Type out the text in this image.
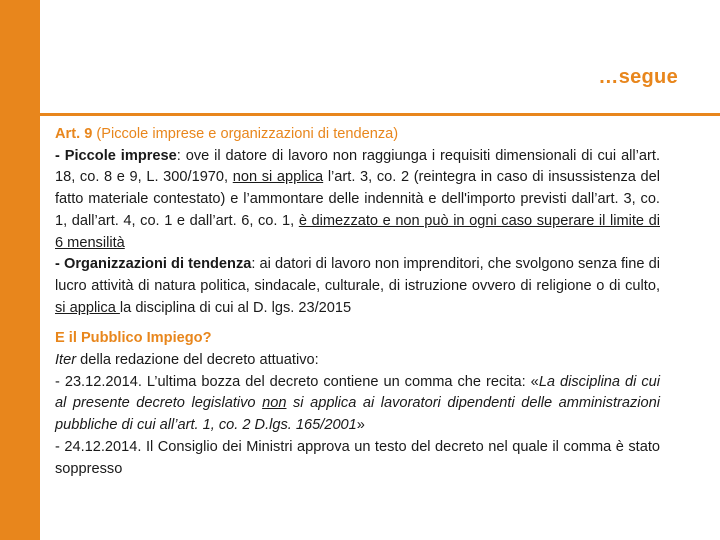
…segue

Art. 9 (Piccole imprese e organizzazioni di tendenza)

- Piccole imprese: ove il datore di lavoro non raggiunga i requisiti dimensionali di cui all’art. 18, co. 8 e 9, L. 300/1970, non si applica l’art. 3, co. 2 (reintegra in caso di insussistenza del fatto materiale contestato) e l’ammontare delle indennità e dell'importo previsti dall’art. 3, co. 1, dall’art. 4, co. 1 e dall’art. 6, co. 1, è dimezzato e non può in ogni caso superare il limite di 6 mensilità

- Organizzazioni di tendenza: ai datori di lavoro non imprenditori, che svolgono senza fine di lucro attività di natura politica, sindacale, culturale, di istruzione ovvero di religione o di culto, si applica la disciplina di cui al D. lgs. 23/2015

E il Pubblico Impiego?

Iter della redazione del decreto attuativo:

- 23.12.2014. L’ultima bozza del decreto contiene un comma che recita: «La disciplina di cui al presente decreto legislativo non si applica ai lavoratori dipendenti delle amministrazioni pubbliche di cui all’art. 1, co. 2 D.lgs. 165/2001»

- 24.12.2014. Il Consiglio dei Ministri approva un testo del decreto nel quale il comma è stato soppresso
